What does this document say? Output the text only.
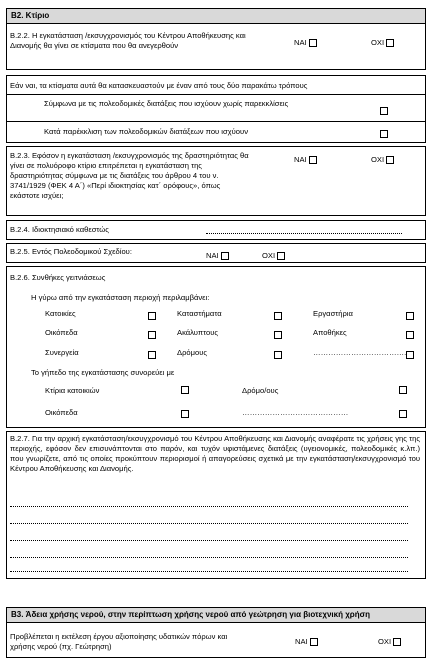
B2. Κτίριο
B.2.2. Η εγκατάσταση /εκσυγχρονισμός του Κέντρου Αποθήκευσης και Διανομής θα γίνει σε κτίσματα που θα ανεγερθούν	ΝΑΙ	ΟΧΙ
Εάν ναι, τα κτίσματα αυτά θα κατασκευαστούν με έναν από τους δύο παρακάτω τρόπους
Σύμφωνα με τις πολεοδομικές διατάξεις που ισχύουν χωρίς παρεκκλίσεις
Κατά παρέκκλιση των πολεοδομικών διατάξεων που ισχύουν
B.2.3. Εφόσον η εγκατάσταση /εκσυγχρονισμός της δραστηριότητας θα γίνει σε πολυόροφο κτίριο επιτρέπεται η εγκατάσταση της δραστηριότητας σύμφωνα με τις διατάξεις του άρθρου 4 του ν. 3741/1929 (ΦΕΚ 4 Α΄) «Περί ιδιοκτησίας κατ΄ ορόφους», όπως εκάστοτε ισχύει;
ΝΑΙ	ΟΧΙ
B.2.4. Ιδιοκτησιακό καθεστώς
B.2.5. Εντός Πολεοδομικού Σχεδίου:	ΝΑΙ	ΟΧΙ
B.2.6. Συνθήκες γειτνιάσεως
Η γύρω από την εγκατάσταση περιοχή περιλαμβάνει:
Κατοικίες	Καταστήματα	Εργαστήρια
Οικόπεδα	Ακάλυπτους	Αποθήκες
Συνεργεία	Δρόμους	……………………………….
Το γήπεδο της εγκατάστασης συνορεύει με
Κτίρια κατοικιών	Δρόμο/ους
Οικόπεδα	……………………………………
B.2.7. Για την αρχική εγκατάσταση/εκσυγχρονισμό του Κέντρου Αποθήκευσης και Διανομής αναφέρατε τις χρήσεις γης της περιοχής, εφόσον δεν επισυνάπτονται στο παρόν, και τυχόν υφιστάμενες διατάξεις (υγειονομικές, πολεοδομικές κ.λπ.) που γνωρίζετε, από τις οποίες προκύπτουν περιορισμοί ή απαγορεύσεις σχετικά με την εγκατάσταση/εκσυγχρονισμό του Κέντρου Αποθήκευσης και Διανομής.
B3. Άδεια χρήσης νερού, στην περίπτωση χρήσης νερού από γεώτρηση για βιοτεχνική χρήση
Προβλέπεται η εκτέλεση έργου αξιοποίησης υδατικών πόρων και χρήσης νερού (πχ. Γεώτρηση)
ΝΑΙ	ΟΧΙ
